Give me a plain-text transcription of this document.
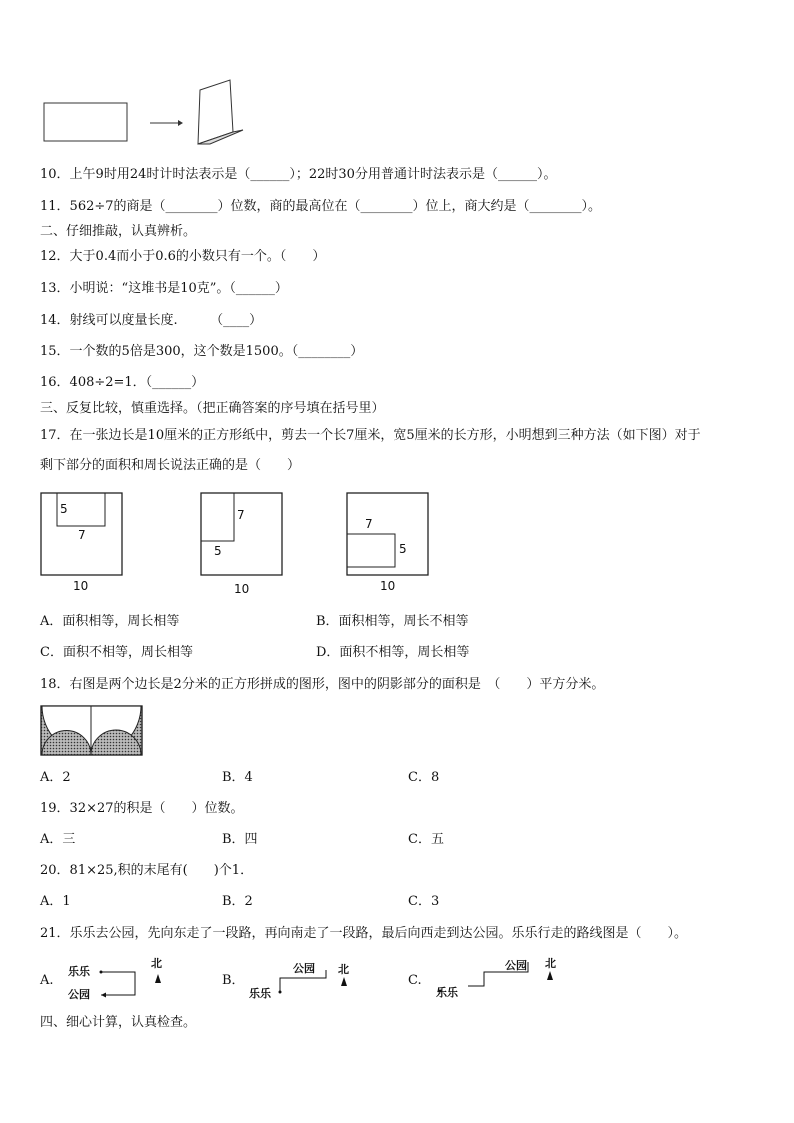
10．上午9时用24时计时法表示是（______）；22时30分用普通计时法表示是（______）。
11．562÷7的商是（________）位数，商的最高位在（________）位上，商大约是（________）。
二、仔细推敲，认真辨析。
12．大于0.4而小于0.6的小数只有一个。（　　）
13．小明说：“这堆书是10克”。（______）
14．射线可以度量长度.　　　（____）
15．一个数的5倍是300，这个数是1500。（________）
16．408÷2=1．（______）
三、反复比较，慎重选择。（把正确答案的序号填在括号里）
17．在一张边长是10厘米的正方形纸中，剪去一个长7厘米，宽5厘米的长方形，小明想到三种方法（如下图）对于
剩下部分的面积和周长说法正确的是（　　）
5
7
10
7
5
10
7
5
10
A．面积相等，周长相等	B．面积相等，周长不相等
C．面积不相等，周长相等	D．面积不相等，周长相等
18．右图是两个边长是2分米的正方形拼成的图形，图中的阴影部分的面积是　（　　）平方分米。
A．2	B．4	C．8
19．32×27的积是（　　）位数。
A．三	B．四	C．五
20．81×25,积的末尾有(　　)个1．
A．1	B．2	C．3
21．乐乐去公园，先向东走了一段路，再向南走了一段路，最后向西走到达公园。乐乐行走的路线图是（　　）。
A.
乐乐
公园
北
B．
公园
乐乐
北
C.
公园
乐乐
北
四、细心计算，认真检查。
